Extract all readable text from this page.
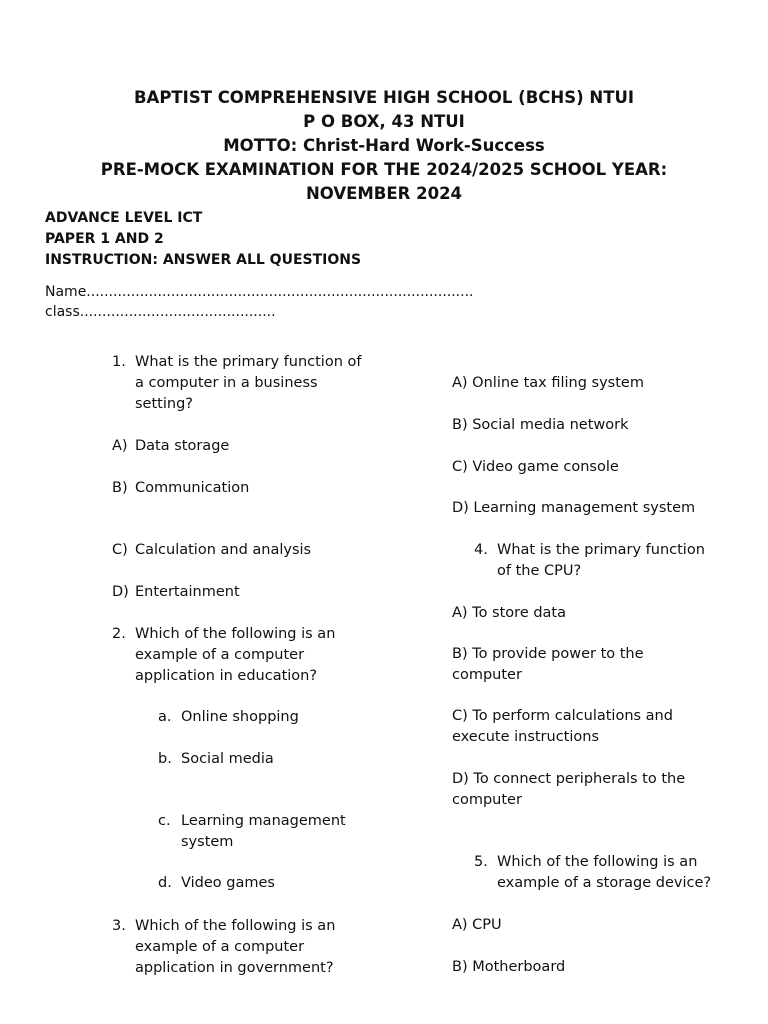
BAPTIST COMPREHENSIVE HIGH SCHOOL (BCHS) NTUI
P O BOX, 43 NTUI
MOTTO: Christ-Hard Work-Success
PRE-MOCK EXAMINATION FOR THE 2024/2025 SCHOOL YEAR:
NOVEMBER 2024
ADVANCE LEVEL ICT
PAPER 1 AND 2
INSTRUCTION: ANSWER ALL QUESTIONS
Name.......................................................................................
class............................................
1. What is the primary function of a computer in a business setting?
A) Data storage
B) Communication
C) Calculation and analysis
D) Entertainment
2. Which of the following is an example of a computer application in education?
a. Online shopping
b. Social media
c. Learning management system
d. Video games
3. Which of the following is an example of a computer application in government?
A) Online tax filing system
B) Social media network
C) Video game console
D) Learning management system
4. What is the primary function of the CPU?
A) To store data
B) To provide power to the computer
C) To perform calculations and execute instructions
D) To connect peripherals to the computer
5. Which of the following is an example of a storage device?
A) CPU
B) Motherboard
